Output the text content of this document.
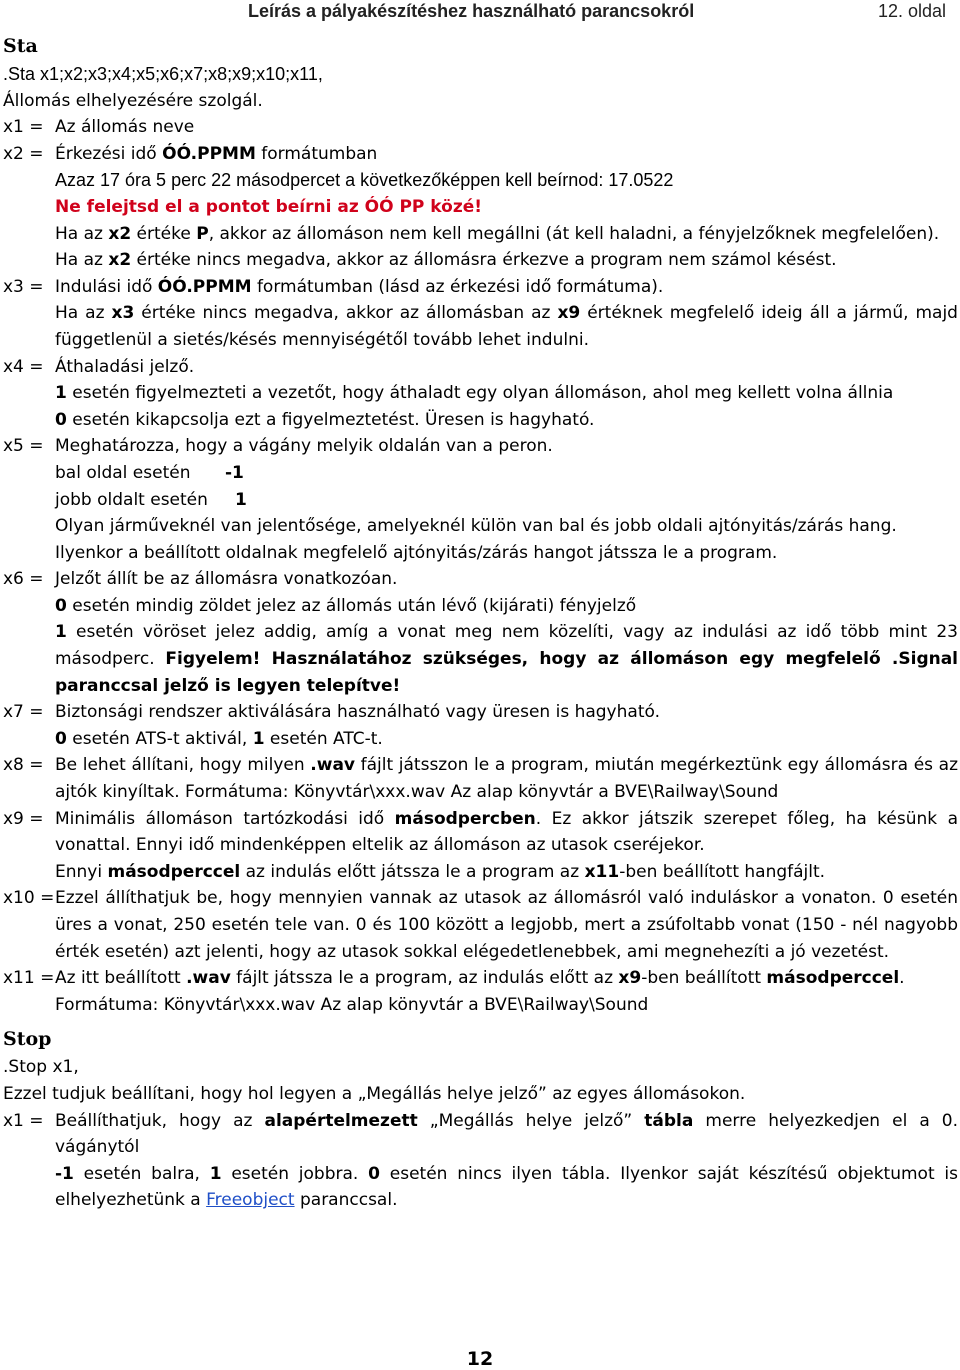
Leírás a pályakészítéshez használható parancsokról	12. oldal
Sta
.Sta x1;x2;x3;x4;x5;x6;x7;x8;x9;x10;x11,
Állomás elhelyezésére szolgál.
x1 = Az állomás neve
x2 = Érkezési idő ÓÓ.PPMM formátumban
Azaz 17 óra 5 perc 22 másodpercet a következőképpen kell beírnod: 17.0522
Ne felejtsd el a pontot beírni az ÓÓ PP közé!
Ha az x2 értéke P, akkor az állomáson nem kell megállni (át kell haladni, a fényjelzőknek megfelelően).
Ha az x2 értéke nincs megadva, akkor az állomásra érkezve a program nem számol késést.
x3 = Indulási idő ÓÓ.PPMM formátumban (lásd az érkezési idő formátuma).
Ha az x3 értéke nincs megadva, akkor az állomásban az x9 értéknek megfelelő ideig áll a jármű, majd függetlenül a sietés/késés mennyiségétől tovább lehet indulni.
x4 = Áthaladási jelző.
1 esetén figyelmezteti a vezetőt, hogy áthaladt egy olyan állomáson, ahol meg kellett volna állnia
0 esetén kikapcsolja ezt a figyelmeztetést. Üresen is hagyható.
x5 = Meghatározza, hogy a vágány melyik oldalán van a peron.
bal oldal esetén -1
jobb oldalt esetén 1
Olyan járművekné‍l van jelentősége, amelyeknél külön van bal és jobb oldali ajtónyitás/zárás hang.
Ilyenkor a beállított oldalnak megfelelő ajtónyitás/zárás hangot játssza le a program.
x6 = Jelzőt állít be az állomásra vonatkozóan.
0 esetén mindig zöldet jelez az állomás után lévő (kijárati) fényjelző
1 esetén vöröset jelez addig, amíg a vonat meg nem közelíti, vagy az indulási az idő több mint 23 másodperc. Figyelem! Használatához szükséges, hogy az állomáson egy megfelelő .Signal paranccsal jelző is legyen telepítve!
x7 = Biztonsági rendszer aktiválására használható vagy üresen is hagyható.
0 esetén ATS-t aktivál, 1 esetén ATC-t.
x8 = Be lehet állítani, hogy milyen .wav fájlt játsszon le a program, miután megérkeztünk egy állomásra és az ajtók kinyíltak. Formátuma: Könyvtár\xxx.wav Az alap könyvtár a BVE\Railway\Sound
x9 = Minimális állomáson tartózkodási idő másodpercben. Ez akkor játszik szerepet főleg, ha késünk a vonattal. Ennyi idő mindenképpen eltelik az állomáson az utasok cseréjekor.
Ennyi másodperccel az indulás előtt játssza le a program az x11-ben beállított hangfájlt.
x10 = Ezzel állíthatjuk be, hogy mennyien vannak az utasok az állomásról való induláskor a vonaton. 0 esetén üres a vonat, 250 esetén tele van. 0 és 100 között a legjobb, mert a zsúfoltabb vonat (150 - nél nagyobb érték esetén) azt jelenti, hogy az utasok sokkal elégedetlenebbek, ami megnehezíti a jó vezetést.
x11 = Az itt beállított .wav fájlt játssza le a program, az indulás előtt az x9-ben beállított másodperccel.
Formátuma: Könyvtár\xxx.wav Az alap könyvtár a BVE\Railway\Sound
Stop
.Stop x1,
Ezzel tudjuk beállítani, hogy hol legyen a „Megállás helye jelző” az egyes állomásokon.
x1 = Beállíthatjuk, hogy az alapértelmezett „Megállás helye jelző” tábla merre helyezkedjen el a 0. vágánytól
-1 esetén balra, 1 esetén jobbra. 0 esetén nincs ilyen tábla. Ilyenkor saját készítésű objektumot is elhelyezhetünk a Freeobject paranccsal.
12
